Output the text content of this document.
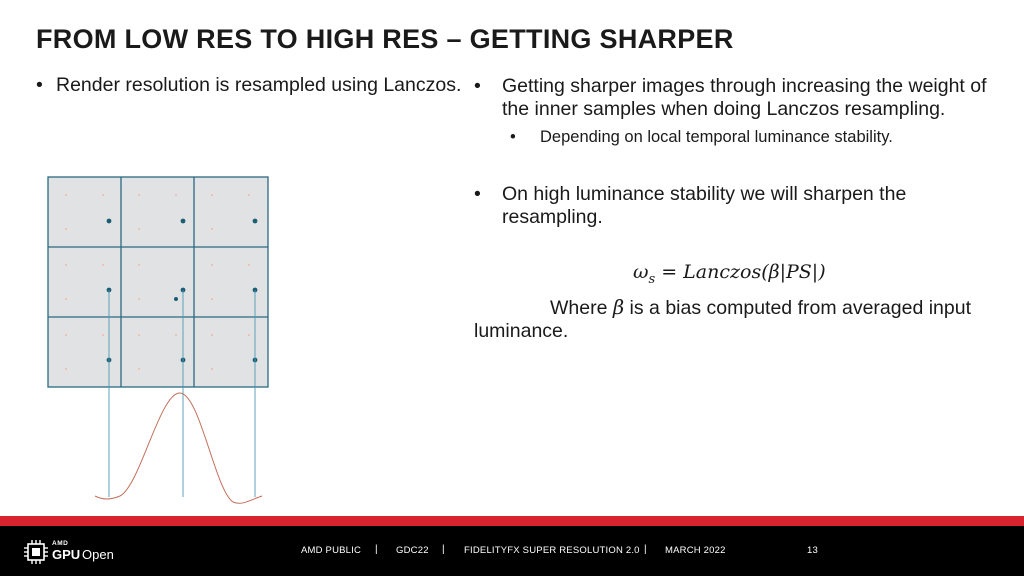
FROM LOW RES TO HIGH RES – GETTING SHARPER
• Render resolution is resampled using Lanczos. • Getting sharper images through increasing the weight of the inner samples when doing Lanczos resampling.
• Depending on local temporal luminance stability.
• On high luminance stability we will sharpen the resampling.
$\omega_s$ = Lanczos(β|PS|)
Where β is a bias computed from averaged input luminance.
AMD
GPU Open	AMD PUBLIC | GDC22 | FIDELITYFX SUPER RESOLUTION 2.0 | MARCH 2022	13
